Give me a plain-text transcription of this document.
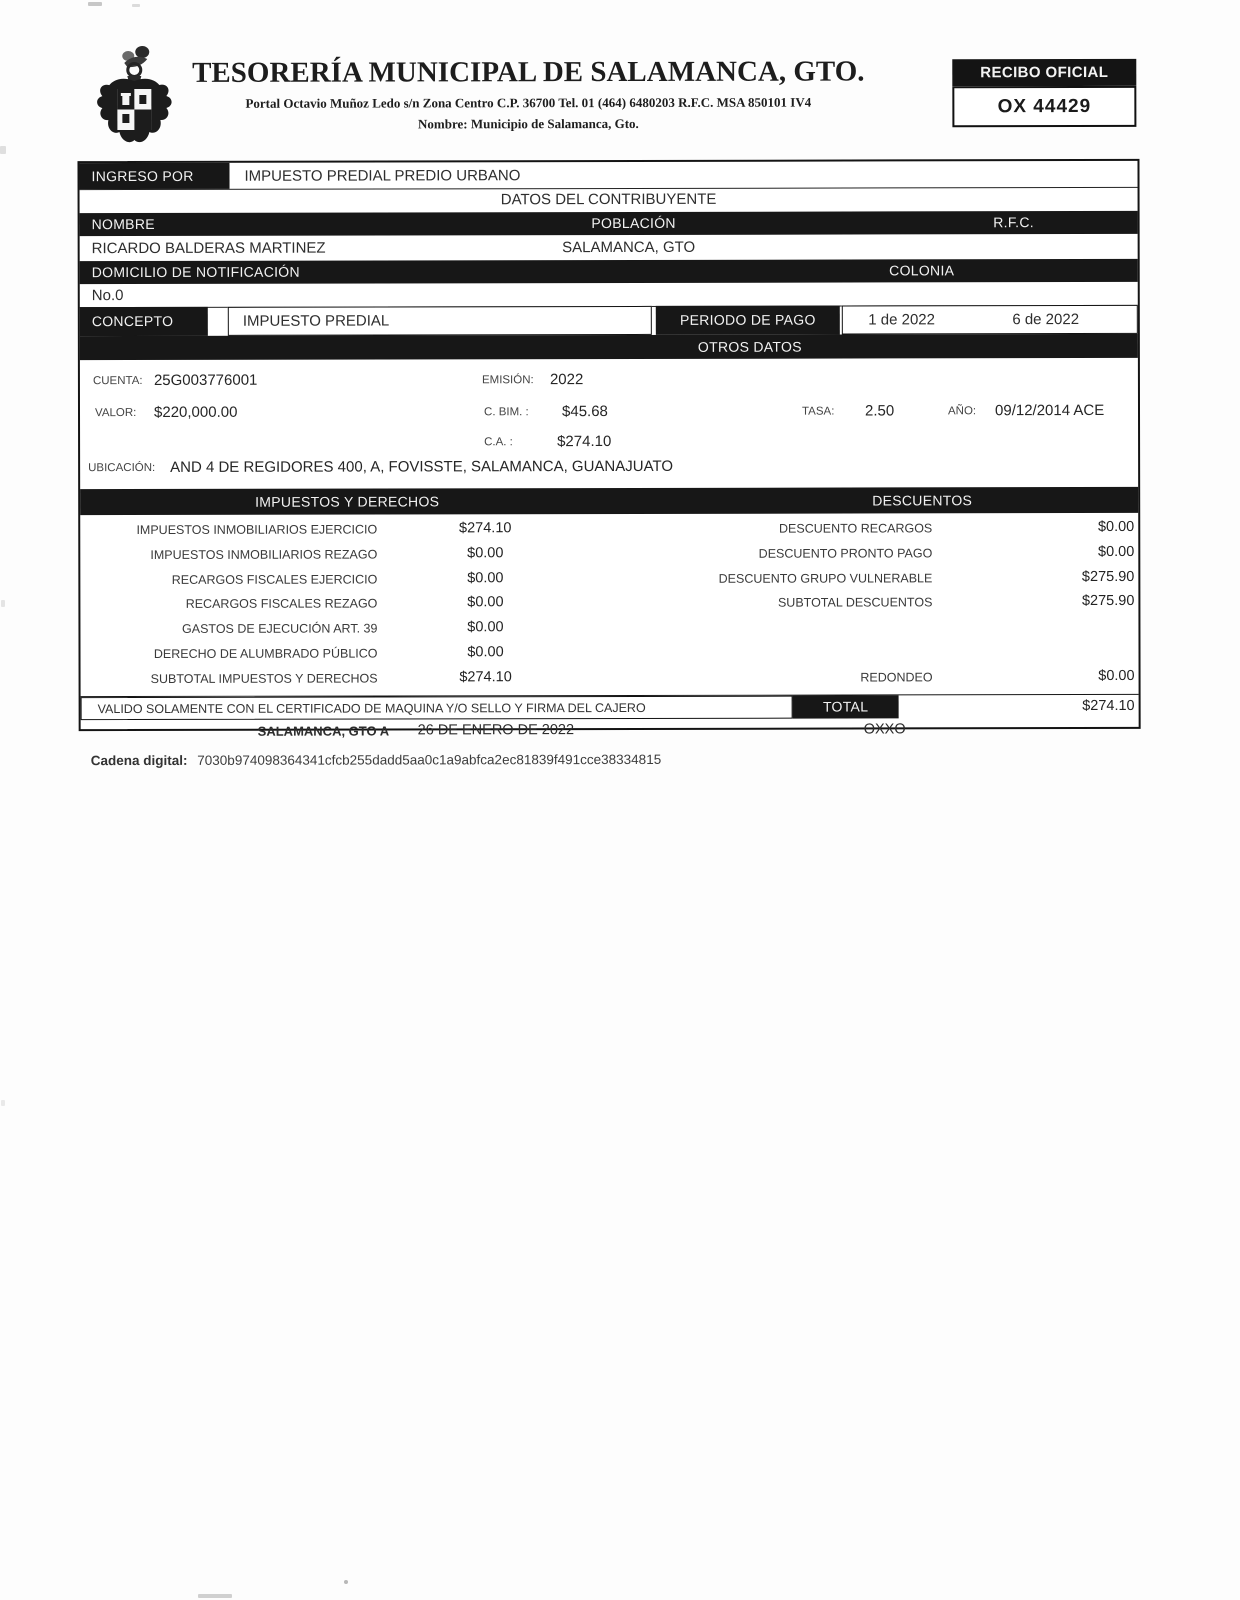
TESORERÍA MUNICIPAL DE SALAMANCA, GTO.
Portal Octavio Muñoz Ledo s/n Zona Centro C.P. 36700 Tel. 01 (464) 6480203 R.F.C. MSA 850101 IV4
Nombre: Municipio de Salamanca, Gto.
RECIBO OFICIAL
OX 44429
INGRESO POR	IMPUESTO PREDIAL PREDIO URBANO
DATOS DEL CONTRIBUYENTE
NOMBRE	POBLACIÓN	R.F.C.
RICARDO BALDERAS MARTINEZ	SALAMANCA, GTO
DOMICILIO DE NOTIFICACIÓN	COLONIA
No.0
CONCEPTO	IMPUESTO PREDIAL	PERIODO DE PAGO	1 de 2022	6 de 2022
OTROS DATOS
CUENTA: 25G003776001	EMISIÓN: 2022
VALOR: $220,000.00	C. BIM. : $45.68	TASA: 2.50	AÑO: 09/12/2014 ACE
C.A. :	$274.10
UBICACIÓN: AND 4 DE REGIDORES 400, A, FOVISSTE, SALAMANCA, GUANAJUATO
IMPUESTOS Y DERECHOS	DESCUENTOS
IMPUESTOS INMOBILIARIOS EJERCICIO	$274.10
IMPUESTOS INMOBILIARIOS REZAGO	$0.00
RECARGOS FISCALES EJERCICIO	$0.00
RECARGOS FISCALES REZAGO	$0.00
GASTOS DE EJECUCIÓN ART. 39	$0.00
DERECHO DE ALUMBRADO PÚBLICO	$0.00
SUBTOTAL IMPUESTOS Y DERECHOS	$274.10
DESCUENTO RECARGOS	$0.00
DESCUENTO PRONTO PAGO	$0.00
DESCUENTO GRUPO VULNERABLE	$275.90
SUBTOTAL DESCUENTOS	$275.90
REDONDEO	$0.00
VALIDO SOLAMENTE CON EL CERTIFICADO DE MAQUINA Y/O SELLO Y FIRMA DEL CAJERO	TOTAL	$274.10
SALAMANCA, GTO A 26 DE ENERO DE 2022	OXXO
Cadena digital: 7030b974098364341cfcb255dadd5aa0c1a9abfca2ec81839f491cce38334815
